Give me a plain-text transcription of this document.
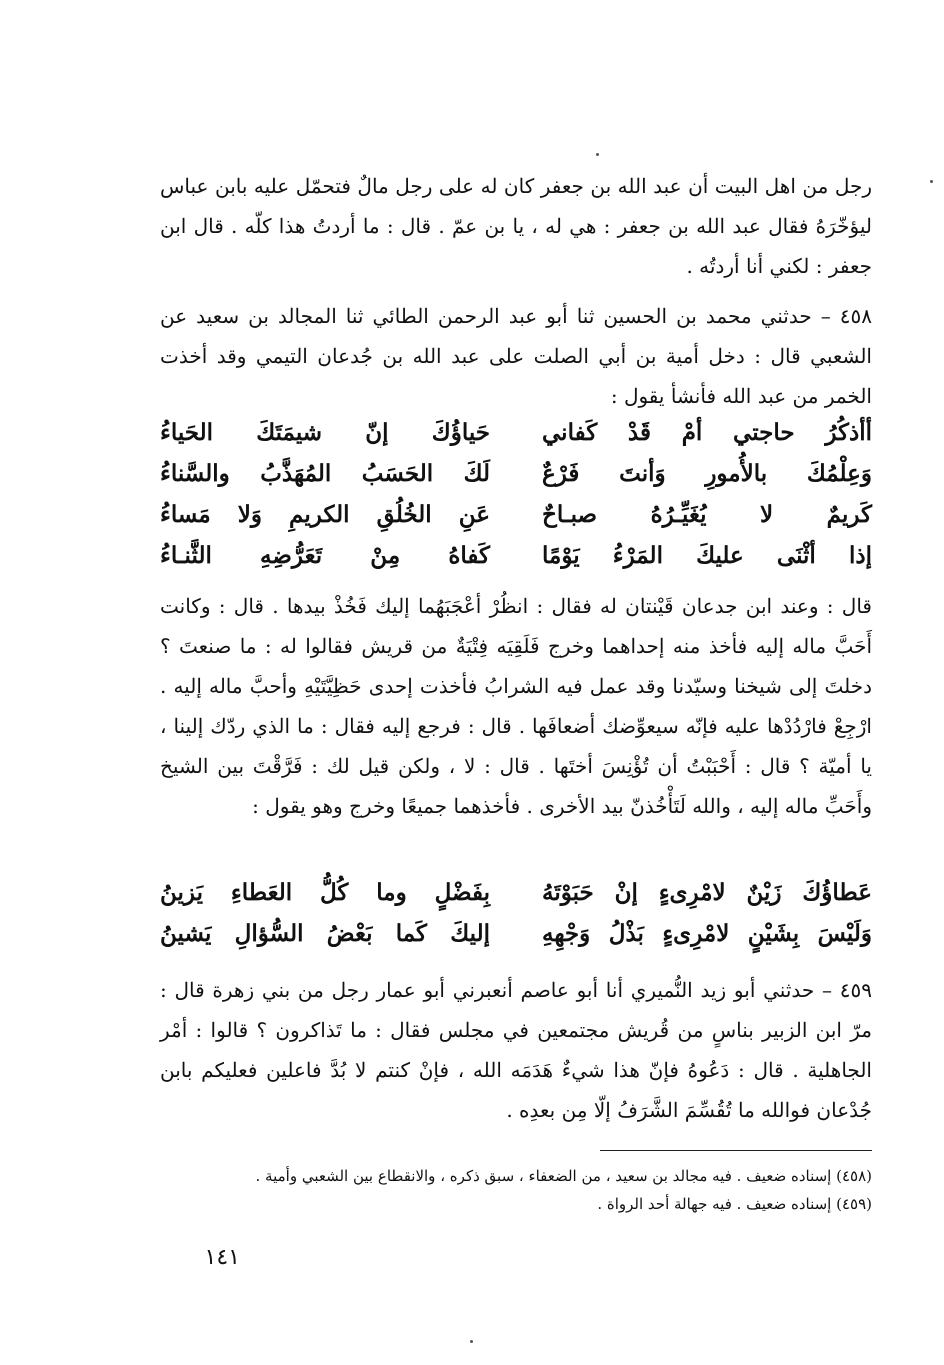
رجل من اهل البيت أن عبد الله بن جعفر كان له على رجل مالٌ فتحمّل عليه بابن عباس ليؤخّرَهُ فقال عبد الله بن جعفر : هي له ، يا بن عمّ . قال : ما أردتُ هذا كلّه . قال ابن جعفر : لكني أنا أردتُه .
٤٥٨ – حدثني محمد بن الحسين ثنا أبو عبد الرحمن الطائي ثنا المجالد بن سعيد عن الشعبي قال : دخل أمية بن أبي الصلت على عبد الله بن جُدعان التيمي وقد أخذت الخمر من عبد الله فأنشأ يقول :
أأذكُرُ حاجتي أمْ قَدْ كَفاني
حَياؤُكَ إنّ شيمَتَكَ الحَياءُ
وَعِلْمُكَ بالأُمورِ وَأنتَ فَرْعٌ
لَكَ الحَسَبُ المُهَذَّبُ والسَّناءُ
كَريمٌ لا يُغَيِّـرُهُ صبـاحٌ
عَنِ الخُلُقِ الكريمِ وَلا مَساءُ
إذا أثْنَى عليكَ المَرْءُ يَوْمًا
كَفاهُ مِنْ تَعَرُّضِهِ الثَّنـاءُ
قال : وعند ابن جدعان قَيْنتان له فقال : انظُرْ أعْجَبَهُما إليك فَخُذْ بيدها . قال : وكانت أَحَبَّ ماله إليه فأخذ منه إحداهما وخرج فَلَقِيَه فِتْيَةٌ من قريش فقالوا له : ما صنعتَ ؟ دخلتَ إلى شيخنا وسيّدنا وقد عمل فيه الشرابُ فأخذت إحدى حَظِيَّتَيْهِ وأحبَّ ماله إليه . ارْجِعْ فارْدُدْها عليه فإنّه سيعوِّضك أضعافَها . قال : فرجع إليه فقال : ما الذي ردّك إلينا ، يا أميّة ؟ قال : أَحْبَبْتُ أن تُؤْنِسَ أختَها . قال : لا ، ولكن قيل لك : فَرَّقْتَ بين الشيخ وأَحَبِّ ماله إليه ، والله لَتَأْخُذنّ بيد الأخرى . فأخذهما جميعًا وخرج وهو يقول :
عَطاؤُكَ زَيْنٌ لامْرِىءٍ إنْ حَبَوْتَهُ
بِفَضْلٍ وما كُلُّ العَطاءِ يَزينُ
وَلَيْسَ بِشَيْنٍ لامْرِىءٍ بَذْلُ وَجْهِهِ
إليكَ كَما بَعْضُ السُّؤالِ يَشينُ
٤٥٩ – حدثني أبو زيد النُّميري أنا أبو عاصم أنعبرني أبو عمار رجل من بني زهرة قال : مرّ ابن الزبير بناسٍ من قُريش مجتمعين في مجلس فقال : ما تَذاكرون ؟ قالوا : أمْر الجاهلية . قال : دَعُوهُ فإنّ هذا شيءٌ هَدَمَه الله ، فإنْ كنتم لا بُدَّ فاعلين فعليكم بابن جُدْعان فوالله ما تُقُسِّمَ الشَّرَفُ إلّا مِن بعدِه .
(٤٥٨) إسناده ضعيف . فيه مجالد بن سعيد ، من الضعفاء ، سبق ذكره ، والانقطاع بين الشعبي وأمية .
(٤٥٩) إسناده ضعيف . فيه جهالة أحد الرواة .
١٤١
